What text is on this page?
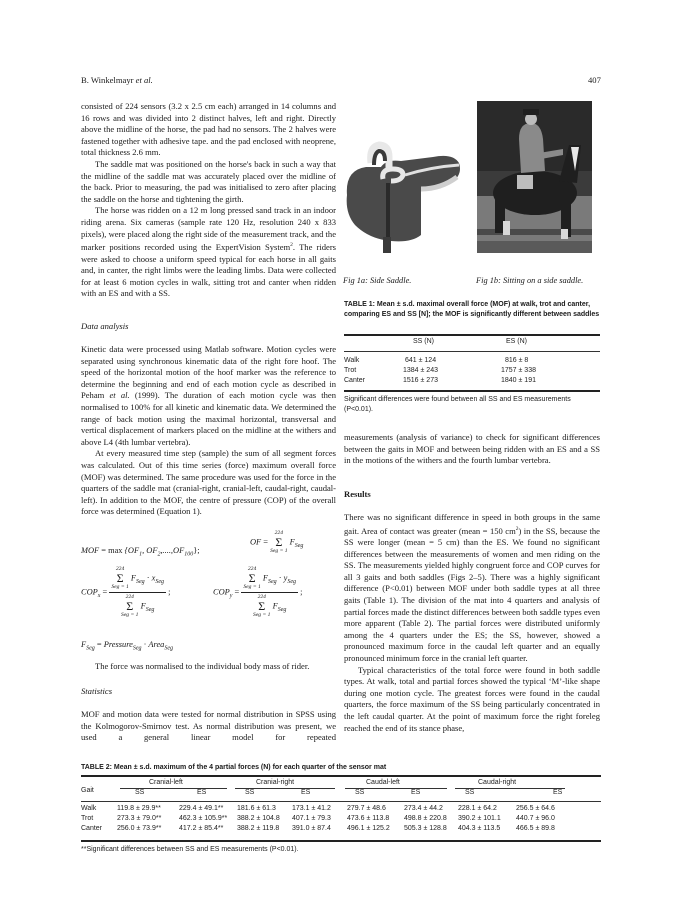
B. Winkelmayr et al.	407

consisted of 224 sensors (3.2 x 2.5 cm each) arranged in 14 columns and 16 rows and was divided into 2 distinct halves, left and right. Directly above the midline of the horse, the pad had no sensors. The 2 halves were fastened together with adhesive tape. and the pad enclosed with neoprene, total thickness 2.6 mm.

The saddle mat was positioned on the horse's back in such a way that the midline of the saddle mat was accurately placed over the midline of the back. Prior to measuring, the pad was initialised to zero after placing the saddle on the horse and tightening the girth.

The horse was ridden on a 12 m long pressed sand track in an indoor riding arena. Six cameras (sample rate 120 Hz, resolution 240 x 833 pixels), were placed along the right side of the measurement track, and the marker positions recorded using the ExpertVision System$^2$. The riders were asked to choose a uniform speed typical for each horse in all gaits and, in canter, the right limbs were the leading limbs. Data were collected for at least 6 motion cycles in walk, sitting trot and canter when ridden with an ES and with a SS.

Data analysis

Kinetic data were processed using Matlab software. Motion cycles were separated using synchronous kinematic data of the right fore hoof. The speed of the horizontal motion of the hoof marker was the reference to determine the beginning and end of each motion cycle as described in Peham et al. (1999). The duration of each motion cycle was then normalised to 100% for all kinetic and kinematic data. We determined the range of back motion using the maximal horizontal, transversal and vertical displacement of markers placed on the midline at the withers and above L4 (4th lumbar vertebra).

At every measured time step (sample) the sum of all segment forces was calculated. Out of this time series (force) maximum overall force (MOF) was determined. The same procedure was used for the force in the quarters of the saddle mat (cranial-right, cranial-left, caudal-right, caudal-left). In addition to the MOF, the centre of pressure (COP) of the overall force was determined (Equation 1).

MOF = $\max \{OF_1$, $OF_2,....,OF_{100}$};
OF =
224
Σ
Seg = 1
$F_{Seg}$
$COP_x = 224$
Σ
Seg = 1
$F_{Seg} \cdot x_{Seg}$
224
Σ
Seg = 1
$F_{Seg}$ ;	$COP_y = 224$
Σ
Seg = 1
$F_{Seg} \cdot y_{Seg}$
224
Σ
Seg = 1
$F_{Seg}$ ;
$F_{Seg}$ = Pressure$_{Seg}$ · Area$_{Seg}$

The force was normalised to the individual body mass of rider.

Statistics

MOF and motion data were tested for normal distribution in SPSS using the Kolmogorov-Smirnov test. As normal distribution was present, we used a general linear model for repeated

Fig 1a: Side Saddle.	Fig 1b: Sitting on a side saddle.
TABLE 1: Mean ± s.d. maximal overall force (MOF) at walk, trot and canter, comparing ES and SS [N]; the MOF is significantly different between saddles
SS (N)	ES (N)
Walk	641 ± 124	816 ± 8
Trot	1384 ± 243	1757 ± 338
Canter	1516 ± 273	1840 ± 191
Significant differences were found between all SS and ES measurements (P<0.01).

measurements (analysis of variance) to check for significant differences between the gaits in MOF and between being ridden with an ES and a SS in the motions of the withers and the fourth lumbar vertebra.

Results

There was no significant difference in speed in both groups in the same gait. Area of contact was greater (mean = 150 $cm^2$) in the SS, because the SS were longer (mean = 5 cm) than the ES. We found no significant differences between the measurements of women and men riding on the SS. The measurements yielded highly congruent force and COP curves for all 3 gaits and both saddles (Figs 2–5). There was a highly significant difference (P<0.01) between MOF under both saddle types at all three gaits (Table 1). The division of the mat into 4 quarters and analysis of partial forces made the distinct differences between both saddle types even more apparent (Table 2). The partial forces were distributed uniformly among the 4 quarters under the ES; the SS, however, showed a pronounced maximum force in the caudal left quarter and an equally pronounced minimum force in the cranial left quarter.

Typical characteristics of the total force were found in both saddle types. At walk, total and partial forces showed the typical ‘M’-like shape during one motion cycle. The greatest forces were found in the caudal quarters, the force maximum of the SS being particularly concentrated in the left caudal quarter. At the point of maximum force the right foreleg reached the end of its stance phase,

TABLE 2: Mean ± s.d. maximum of the 4 partial forces (N) for each quarter of the sensor mat
Gait
Cranial-left	Cranial-right	Caudal-left	Caudal-right
SS	ES	SS	ES	SS	ES	SS	ES
Walk	119.8 ± 29.9**	229.4 ± 49.1** 181.6 ± 61.3 173.1 ± 41.2 279.7 ± 48.6	273.4 ± 44.2 228.1 ± 64.2	256.5 ± 64.6
Trot	273.3 ± 79.0**	462.3 ± 105.9** 388.2 ± 104.8 407.1 ± 79.3 473.6 ± 113.8 498.8 ± 220.8 390.2 ± 101.1 440.7 ± 96.0
Canter 256.0 ± 73.9**	417.2 ± 85.4** 388.2 ± 119.8 391.0 ± 87.4 496.1 ± 125.2 505.3 ± 128.8 404.3 ± 113.5 466.5 ± 89.8
**Significant differences between SS and ES measurements (P<0.01).
